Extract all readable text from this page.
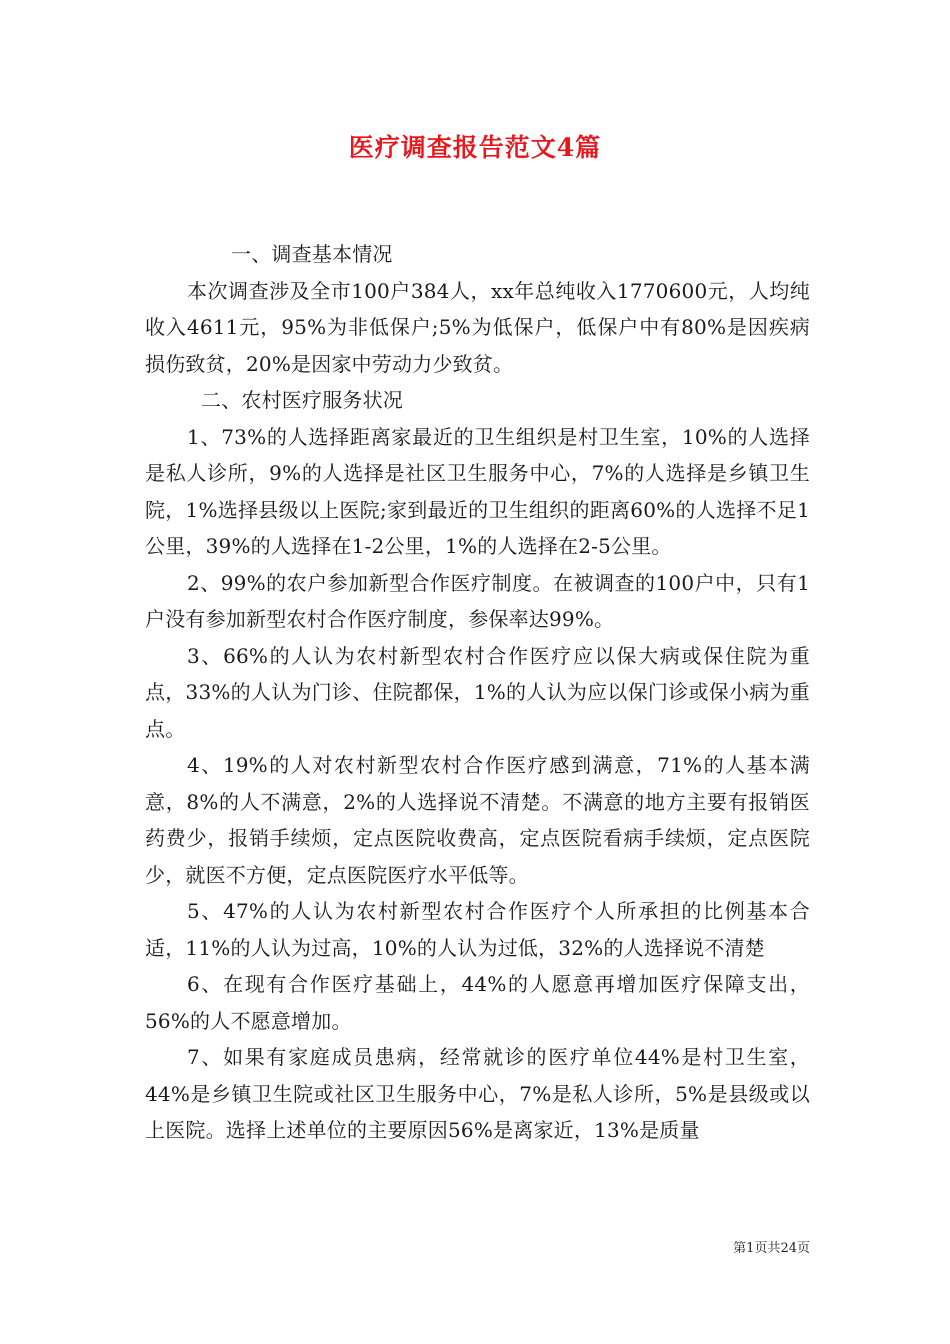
医疗调查报告范文4篇

一、调查基本情况

本次调查涉及全市100户384人，xx年总纯收入1770600元，人均纯收入4611元，95%为非低保户;5%为低保户，低保户中有80%是因疾病损伤致贫，20%是因家中劳动力少致贫。

二、农村医疗服务状况

1、73%的人选择距离家最近的卫生组织是村卫生室，10%的人选择是私人诊所，9%的人选择是社区卫生服务中心，7%的人选择是乡镇卫生院，1%选择县级以上医院;家到最近的卫生组织的距离60%的人选择不足1公里，39%的人选择在1-2公里，1%的人选择在2-5公里。

2、99%的农户参加新型合作医疗制度。在被调查的100户中，只有1户没有参加新型农村合作医疗制度，参保率达99%。

3、66%的人认为农村新型农村合作医疗应以保大病或保住院为重点，33%的人认为门诊、住院都保，1%的人认为应以保门诊或保小病为重点。

4、19%的人对农村新型农村合作医疗感到满意，71%的人基本满意，8%的人不满意，2%的人选择说不清楚。不满意的地方主要有报销医药费少，报销手续烦，定点医院收费高，定点医院看病手续烦，定点医院少，就医不方便，定点医院医疗水平低等。

5、47%的人认为农村新型农村合作医疗个人所承担的比例基本合适，11%的人认为过高，10%的人认为过低，32%的人选择说不清楚

6、在现有合作医疗基础上，44%的人愿意再增加医疗保障支出，56%的人不愿意增加。

7、如果有家庭成员患病，经常就诊的医疗单位44%是村卫生室，44%是乡镇卫生院或社区卫生服务中心，7%是私人诊所，5%是县级或以上医院。选择上述单位的主要原因56%是离家近，13%是质量

第1页共24页
